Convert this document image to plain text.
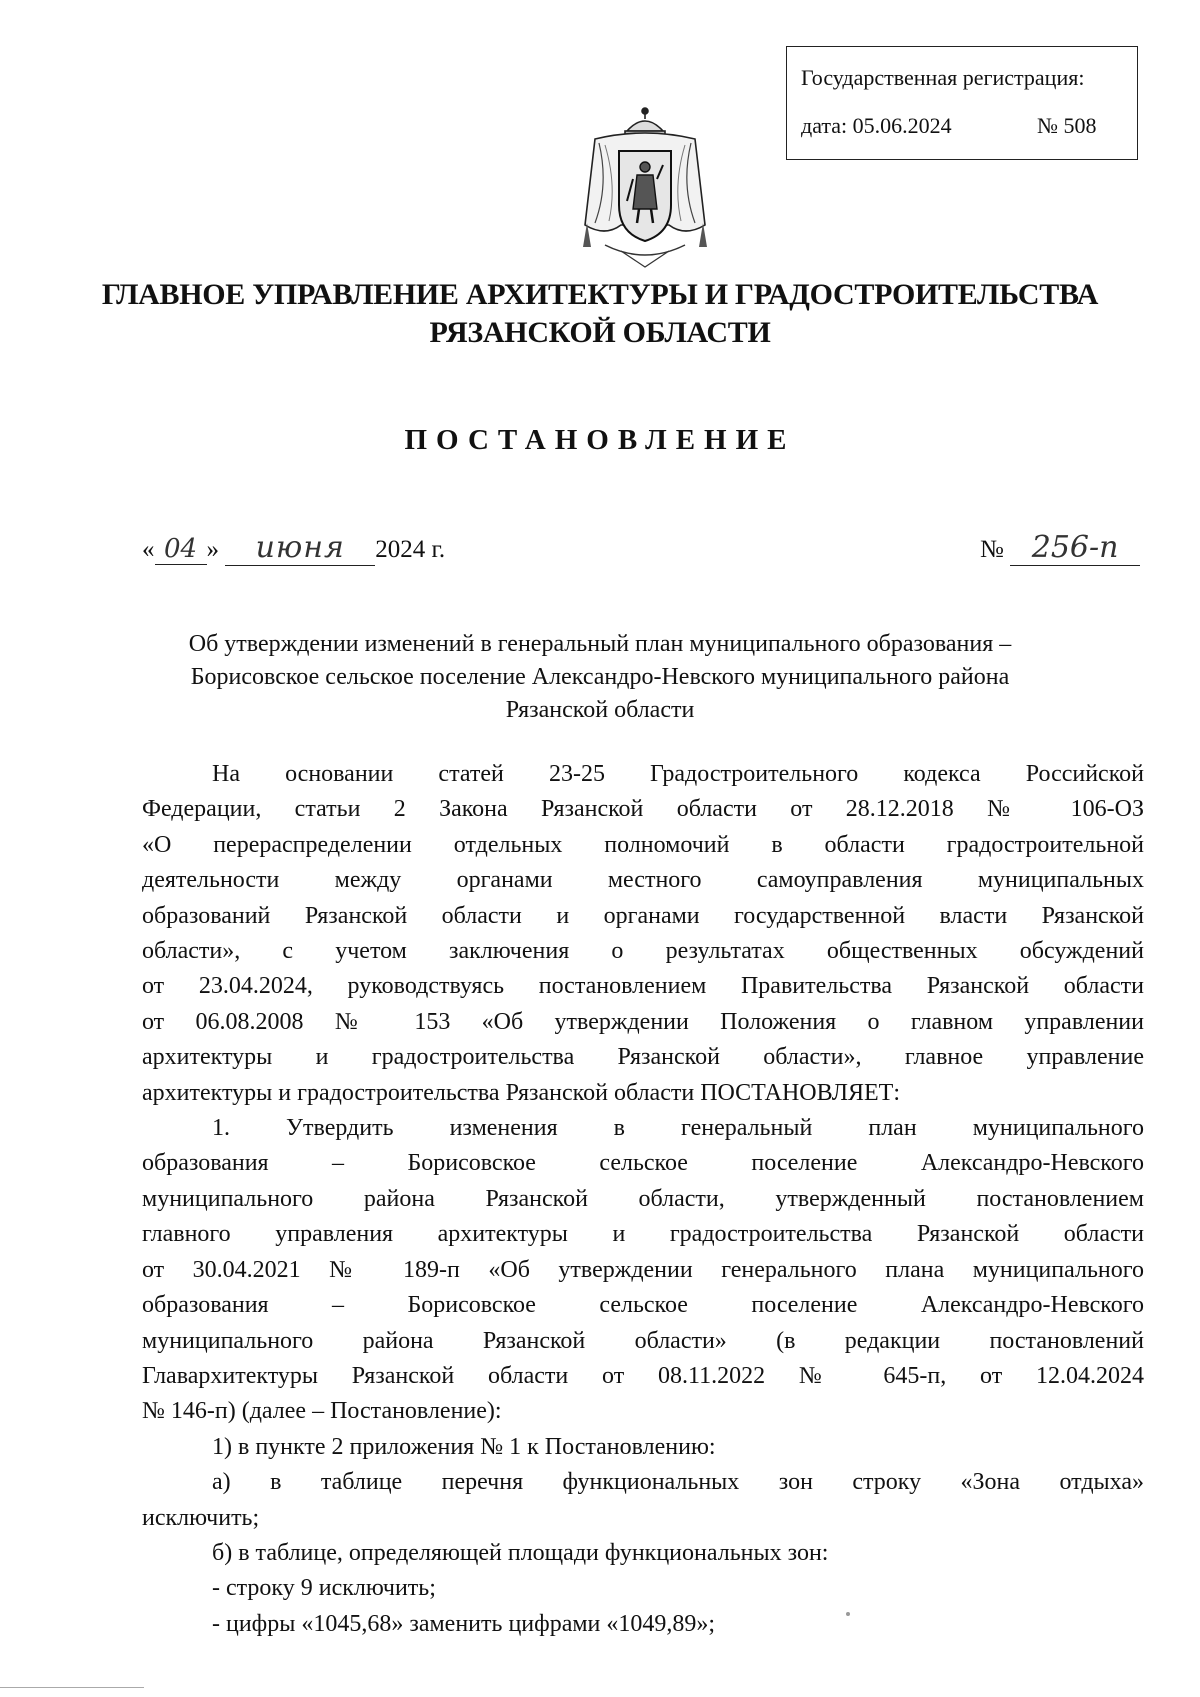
Государственная регистрация:
дата: 05.06.2024	№ 508
ГЛАВНОЕ УПРАВЛЕНИЕ АРХИТЕКТУРЫ И ГРАДОСТРОИТЕЛЬСТВА
РЯЗАНСКОЙ ОБЛАСТИ
ПОСТАНОВЛЕНИЕ
« 04 » июня 2024 г.	№ 256-п
Об утверждении изменений в генеральный план муниципального образования –
Борисовское сельское поселение Александро-Невского муниципального района
Рязанской области
На основании статей 23-25 Градостроительного кодекса Российской
Федерации, статьи 2 Закона Рязанской области от 28.12.2018 № 106-ОЗ
«О перераспределении отдельных полномочий в области градостроительной
деятельности между органами местного самоуправления муниципальных
образований Рязанской области и органами государственной власти Рязанской
области», с учетом заключения о результатах общественных обсуждений
от 23.04.2024, руководствуясь постановлением Правительства Рязанской области
от 06.08.2008 № 153 «Об утверждении Положения о главном управлении
архитектуры и градостроительства Рязанской области», главное управление
архитектуры и градостроительства Рязанской области ПОСТАНОВЛЯЕТ:
1. Утвердить изменения в генеральный план муниципального
образования – Борисовское сельское поселение Александро-Невского
муниципального района Рязанской области, утвержденный постановлением
главного управления архитектуры и градостроительства Рязанской области
от 30.04.2021 № 189-п «Об утверждении генерального плана муниципального
образования – Борисовское сельское поселение Александро-Невского
муниципального района Рязанской области» (в редакции постановлений
Главархитектуры Рязанской области от 08.11.2022 № 645-п, от 12.04.2024
№ 146-п) (далее – Постановление):
1) в пункте 2 приложения № 1 к Постановлению:
а) в таблице перечня функциональных зон строку «Зона отдыха»
исключить;
б) в таблице, определяющей площади функциональных зон:
- строку 9 исключить;
- цифры «1045,68» заменить цифрами «1049,89»;
